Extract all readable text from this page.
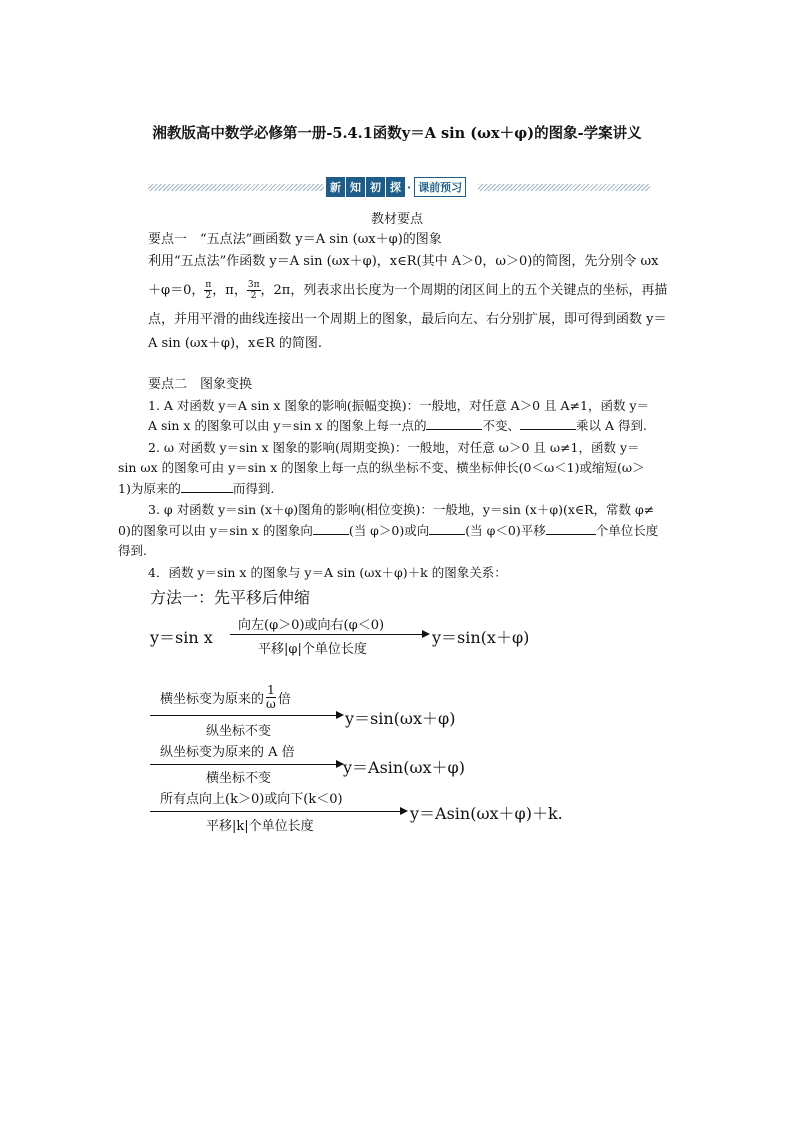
湘教版高中数学必修第一册-5.4.1函数y＝A sin (ωx＋φ)的图象-学案讲义
新 知 初 探 · 课前预习
教材要点
要点一　“五点法”画函数 y＝A sin (ωx＋φ)的图象
利用“五点法”作函数 y＝A sin (ωx＋φ)，x∈R(其中 A＞0，ω＞0)的简图，先分别令 ωx
＋φ＝0， $\frac{\pi}{2}$ ，π， $\frac{3\pi}{2}$ ，2π，列表求出长度为一个周期的闭区间上的五个关键点的坐标，再描
点，并用平滑的曲线连接出一个周期上的图象，最后向左、右分别扩展，即可得到函数 y＝
A sin (ωx＋φ)，x∈R 的简图.
要点二　图象变换
1. A 对函数 y＝A sin x 图象的影响(振幅变换)：一般地，对任意 A＞0 且 A≠1，函数 y＝
A sin x 的图象可以由 y＝sin x 的图象上每一点的	不变、	乘以 A 得到.
2. ω 对函数 y＝sin x 图象的影响(周期变换)：一般地，对任意 ω＞0 且 ω≠1，函数 y＝
sin ωx 的图象可由 y＝sin x 的图象上每一点的纵坐标不变、横坐标伸长(0＜ω＜1)或缩短(ω＞
1)为原来的	而得到.
3. φ 对函数 y＝sin (x＋φ)图角的影响(相位变换)：一般地，y＝sin (x＋φ)(x∈R，常数 φ≠
0)的图象可以由 y＝sin x 的图象向	(当 φ＞0)或向	(当 φ＜0)平移	个单位长度
得到.
4．函数 y＝sin x 的图象与 y＝A sin (ωx＋φ)＋k 的图象关系：
方法一：先平移后伸缩
y＝sin x
向左(φ＞0)或向右(φ＜0)
平移|φ|个单位长度
y＝sin(x＋φ)
横坐标变为原来的 $\frac{1}{\omega}$ 倍
纵坐标不变
y＝sin(ωx＋φ)
纵坐标变为原来的 A 倍
横坐标不变
y＝Asin(ωx＋φ)
所有点向上(k＞0)或向下(k＜0)
平移|k|个单位长度
y＝Asin(ωx＋φ)＋k.
